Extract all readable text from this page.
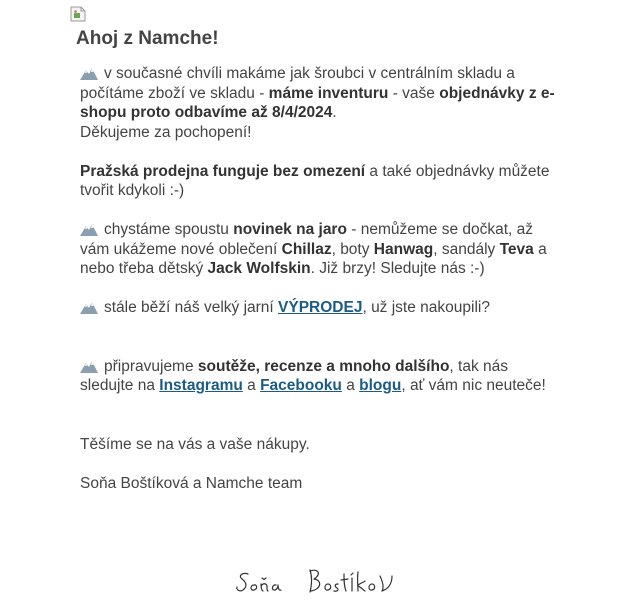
Ahoj z Namche!

v současné chvíli makáme jak šroubci v centrálním skladu a počítáme zboží ve skladu - máme inventuru - vaše objednávky z e-shopu proto odbavíme až 8/4/2024.
Děkujeme za pochopení!

Pražská prodejna funguje bez omezení a také objednávky můžete tvořit kdykoli :-)

chystáme spoustu novinek na jaro - nemůžeme se dočkat, až vám ukážeme nové oblečení Chillaz, boty Hanwag, sandály Teva a nebo třeba dětský Jack Wolfskin. Již brzy! Sledujte nás :-)

stále běží náš velký jarní VÝPRODEJ, už jste nakoupili?

připravujeme soutěže, recenze a mnoho dalšího, tak nás sledujte na Instagramu a Facebooku a blogu, ať vám nic neuteče!

Těšíme se na vás a vaše nákupy.

Soňa Boštíková a Namche team
